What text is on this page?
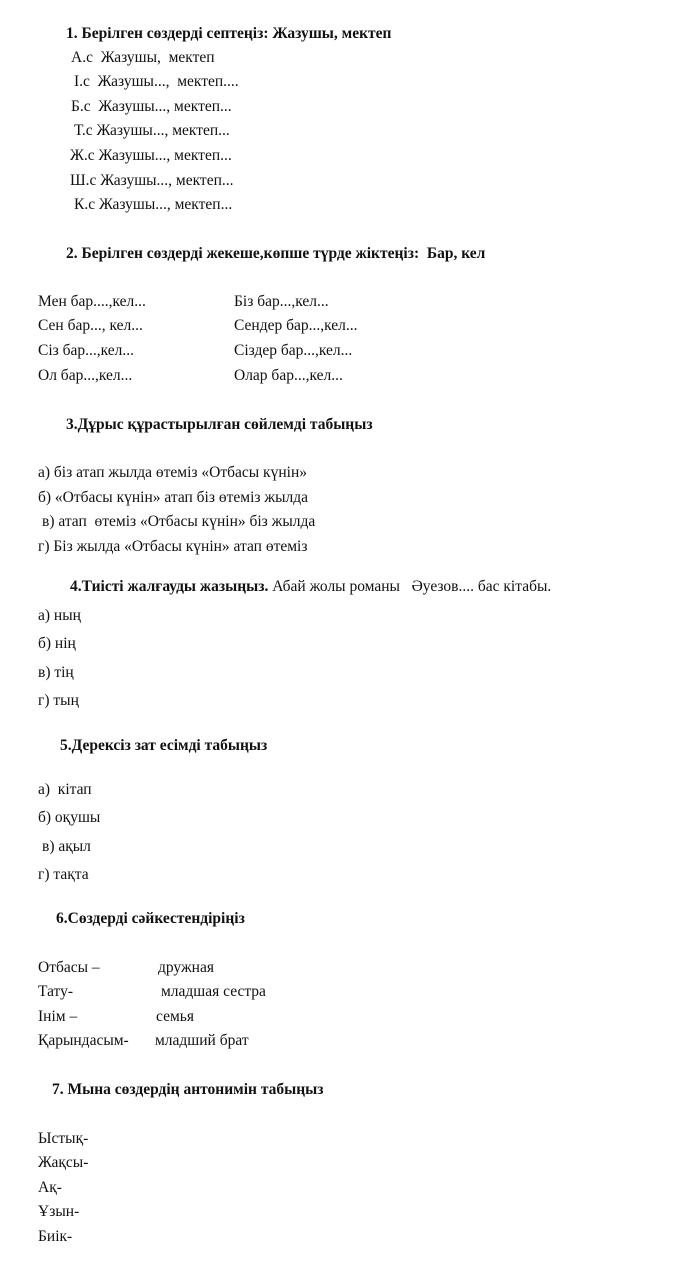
1. Берілген сөздерді септеңіз: Жазушы, мектеп
А.с  Жазушы,  мектеп
І.с  Жазушы...,  мектеп....
Б.с  Жазушы..., мектеп...
Т.с Жазушы..., мектеп...
Ж.с Жазушы..., мектеп...
Ш.с Жазушы..., мектеп...
К.с Жазушы..., мектеп...
2. Берілген сөздерді жекеше,көпше түрде жіктеңіз:  Бар, кел
Мен бар....,кел...
Сен бар..., кел...
Сіз бар...,кел...
Ол бар...,кел...
Біз бар...,кел...
Сендер бар...,кел...
Сіздер бар...,кел...
Олар бар...,кел...
3.Дұрыс құрастырылған сөйлемді табыңыз
а) біз атап жылда өтеміз «Отбасы күнін»
б) «Отбасы күнін» атап біз өтеміз жылда
в) атап  өтеміз «Отбасы күнін» біз жылда
г) Біз жылда «Отбасы күнін» атап өтеміз
4.Тиісті жалғауды жазыңыз. Абай жолы романы   Әуезов.... бас кітабы.
а) ның
б) нің
в) тің
г) тың
5.Дерексіз зат есімді табыңыз
а)  кітап
б) оқушы
в) ақыл
г) тақта
6.Сөздерді сәйкестендіріңіз
Отбасы –
Тату-
Інім –
Қарындасым-
дружная
младшая сестра
семья
младший брат
7. Мына сөздердің антонимін табыңыз
Ыстық-
Жақсы-
Ақ-
Ұзын-
Биік-
